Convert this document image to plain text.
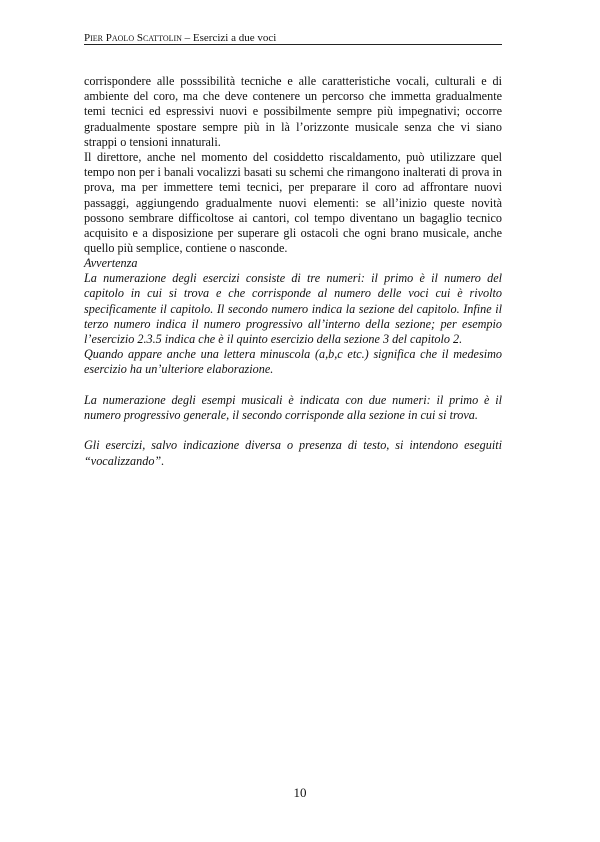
Pier Paolo Scattolin – Esercizi a due voci

corrispondere alle posssibilità tecniche e alle caratteristiche vocali, culturali e di ambiente del coro, ma che deve contenere un percorso che immetta gradualmente temi tecnici ed espressivi nuovi e possibilmente sempre più impegnativi; occorre gradualmente spostare sempre più in là l’orizzonte musicale senza che vi siano strappi o tensioni innaturali.

Il direttore, anche nel momento del cosiddetto riscaldamento, può utilizzare quel tempo non per i banali vocalizzi basati su schemi che rimangono inalterati di prova in prova, ma per immettere temi tecnici, per preparare il coro ad affrontare nuovi passaggi, aggiungendo gradualmente nuovi elementi: se all’inizio queste novità possono sembrare difficoltose ai cantori, col tempo diventano un bagaglio tecnico acquisito e a disposizione per superare gli ostacoli che ogni brano musicale, anche quello più semplice, contiene o nasconde.

Avvertenza

La numerazione degli esercizi consiste di tre numeri: il primo è il numero del capitolo in cui si trova e che corrisponde al numero delle voci cui è rivolto specificamente il capitolo. Il secondo numero indica la sezione del capitolo. Infine il terzo numero indica il numero progressivo all’interno della sezione; per esempio l’esercizio 2.3.5 indica che è il quinto esercizio della sezione 3 del capitolo 2.

Quando appare anche una lettera minuscola (a,b,c etc.) significa che il medesimo esercizio ha un’ulteriore elaborazione.

La numerazione degli esempi musicali è indicata con due numeri: il primo è il numero progressivo generale, il secondo corrisponde alla sezione in cui si trova.

Gli esercizi, salvo indicazione diversa o presenza di testo, si intendono eseguiti “vocalizzando”.

10
